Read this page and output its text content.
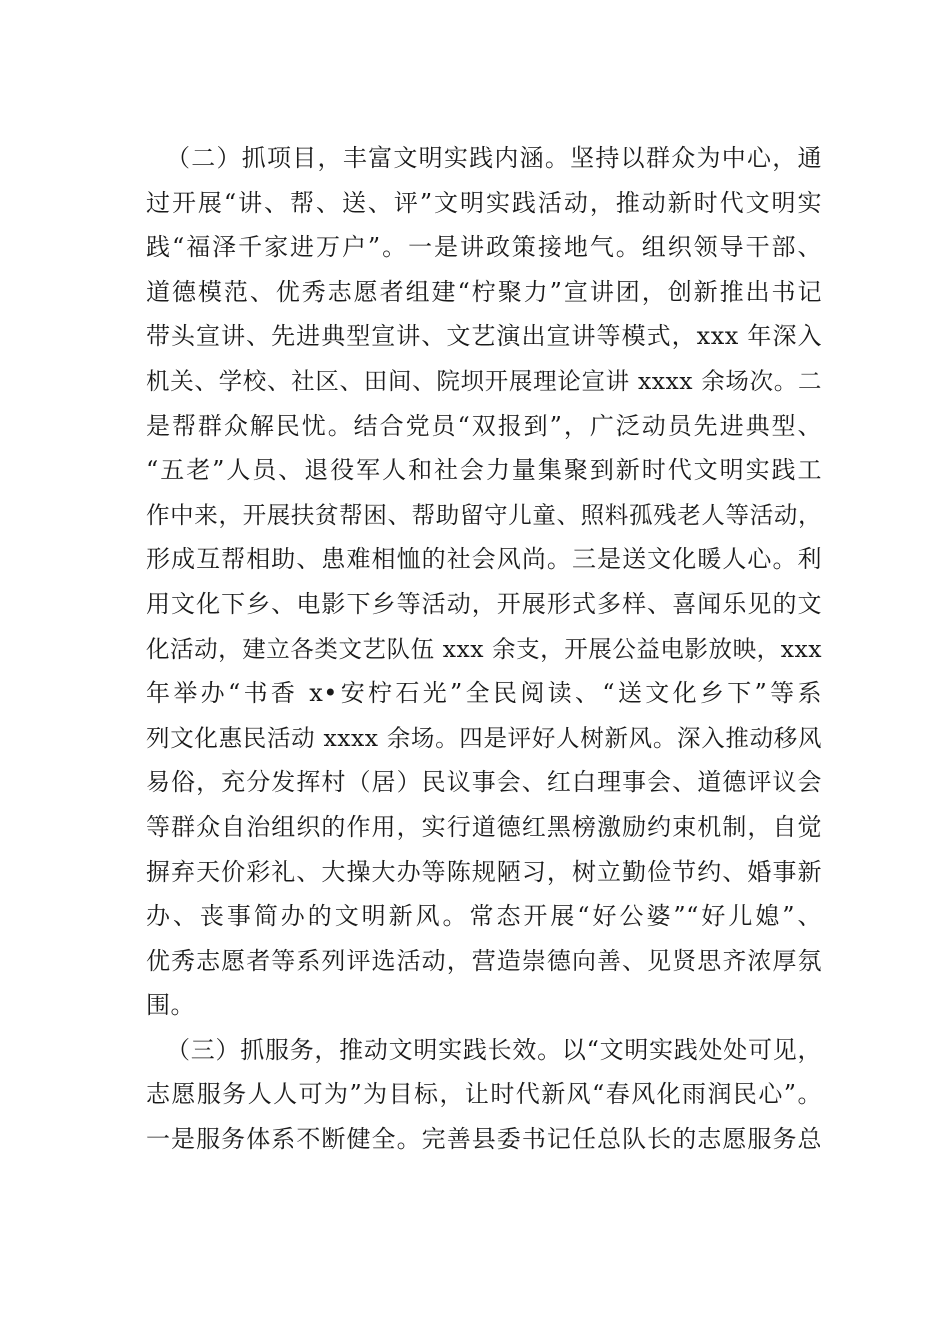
（二）抓项目，丰富文明实践内涵。坚持以群众为中心，通
过开展“讲、帮、送、评”文明实践活动，推动新时代文明实
践“福泽千家进万户”。一是讲政策接地气。组织领导干部、
道德模范、优秀志愿者组建“柠聚力”宣讲团，创新推出书记
带头宣讲、先进典型宣讲、文艺演出宣讲等模式，xxx 年深入
机关、学校、社区、田间、院坝开展理论宣讲 xxxx 余场次。二
是帮群众解民忧。结合党员“双报到”，广泛动员先进典型、
“五老”人员、退役军人和社会力量集聚到新时代文明实践工
作中来，开展扶贫帮困、帮助留守儿童、照料孤残老人等活动，
形成互帮相助、患难相恤的社会风尚。三是送文化暖人心。利
用文化下乡、电影下乡等活动，开展形式多样、喜闻乐见的文
化活动，建立各类文艺队伍 xxx 余支，开展公益电影放映，xxx
年举办“书香 x•安柠石光”全民阅读、“送文化乡下”等系
列文化惠民活动 xxxx 余场。四是评好人树新风。深入推动移风
易俗，充分发挥村（居）民议事会、红白理事会、道德评议会
等群众自治组织的作用，实行道德红黑榜激励约束机制，自觉
摒弃天价彩礼、大操大办等陈规陋习，树立勤俭节约、婚事新
办、丧事简办的文明新风。常态开展“好公婆”“好儿媳”、
优秀志愿者等系列评选活动，营造崇德向善、见贤思齐浓厚氛
围。
（三）抓服务，推动文明实践长效。以“文明实践处处可见，
志愿服务人人可为”为目标，让时代新风“春风化雨润民心”。
一是服务体系不断健全。完善县委书记任总队长的志愿服务总
